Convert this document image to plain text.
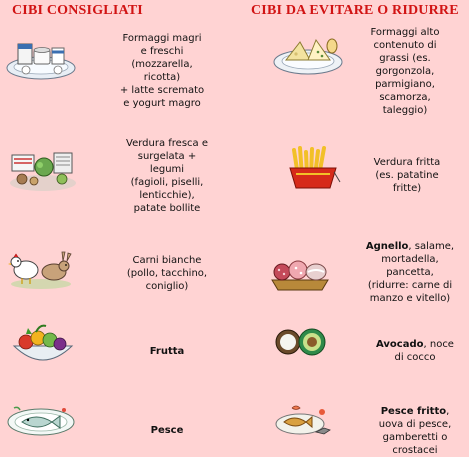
CIBI CONSIGLIATI	CIBI DA EVITARE O RIDURRE
Formaggi magri
e freschi
(mozzarella,
ricotta)
+ latte scremato
e yogurt magro
Verdura fresca e
surgelata +
legumi
(fagioli, piselli,
lenticchie),
patate bollite
Carni bianche
(pollo, tacchino,
coniglio)
Frutta
Pesce
Formaggi alto
contenuto di
grassi (es.
gorgonzola,
parmigiano,
scamorza,
taleggio)
Verdura fritta
(es. patatine
fritte)
Agnello, salame,
mortadella,
pancetta,
(ridurre: carne di
manzo e vitello)
Avocado, noce
di cocco
Pesce fritto,
uova di pesce,
gamberetti o
crostacei
